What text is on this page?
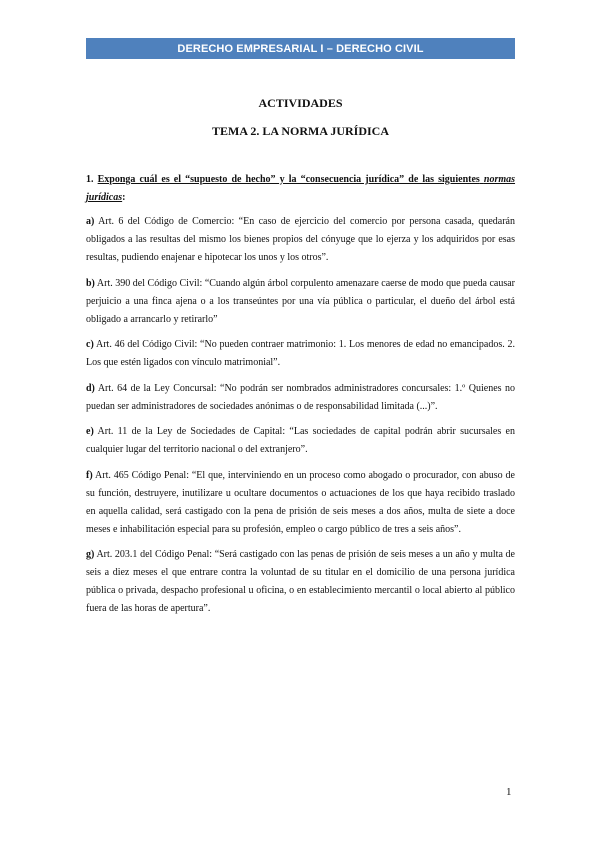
DERECHO EMPRESARIAL I – DERECHO CIVIL
ACTIVIDADES
TEMA 2. LA NORMA JURÍDICA

1. Exponga cuál es el “supuesto de hecho” y la “consecuencia jurídica” de las siguientes normas jurídicas:

a) Art. 6 del Código de Comercio: “En caso de ejercicio del comercio por persona casada, quedarán obligados a las resultas del mismo los bienes propios del cónyuge que lo ejerza y los adquiridos por esas resultas, pudiendo enajenar e hipotecar los unos y los otros”.

b) Art. 390 del Código Civil: “Cuando algún árbol corpulento amenazare caerse de modo que pueda causar perjuicio a una finca ajena o a los transeúntes por una vía pública o particular, el dueño del árbol está obligado a arrancarlo y retirarlo”

c) Art. 46 del Código Civil: “No pueden contraer matrimonio: 1. Los menores de edad no emancipados. 2. Los que estén ligados con vínculo matrimonial”.

d) Art. 64 de la Ley Concursal: “No podrán ser nombrados administradores concursales: 1.º Quienes no puedan ser administradores de sociedades anónimas o de responsabilidad limitada (...)”.

e) Art. 11 de la Ley de Sociedades de Capital: “Las sociedades de capital podrán abrir sucursales en cualquier lugar del territorio nacional o del extranjero”.

f) Art. 465 Código Penal: “El que, interviniendo en un proceso como abogado o procurador, con abuso de su función, destruyere, inutilizare u ocultare documentos o actuaciones de los que haya recibido traslado en aquella calidad, será castigado con la pena de prisión de seis meses a dos años, multa de siete a doce meses e inhabilitación especial para su profesión, empleo o cargo público de tres a seis años”.

g) Art. 203.1 del Código Penal: “Será castigado con las penas de prisión de seis meses a un año y multa de seis a diez meses el que entrare contra la voluntad de su titular en el domicilio de una persona jurídica pública o privada, despacho profesional u oficina, o en establecimiento mercantil o local abierto al público fuera de las horas de apertura”.

1
